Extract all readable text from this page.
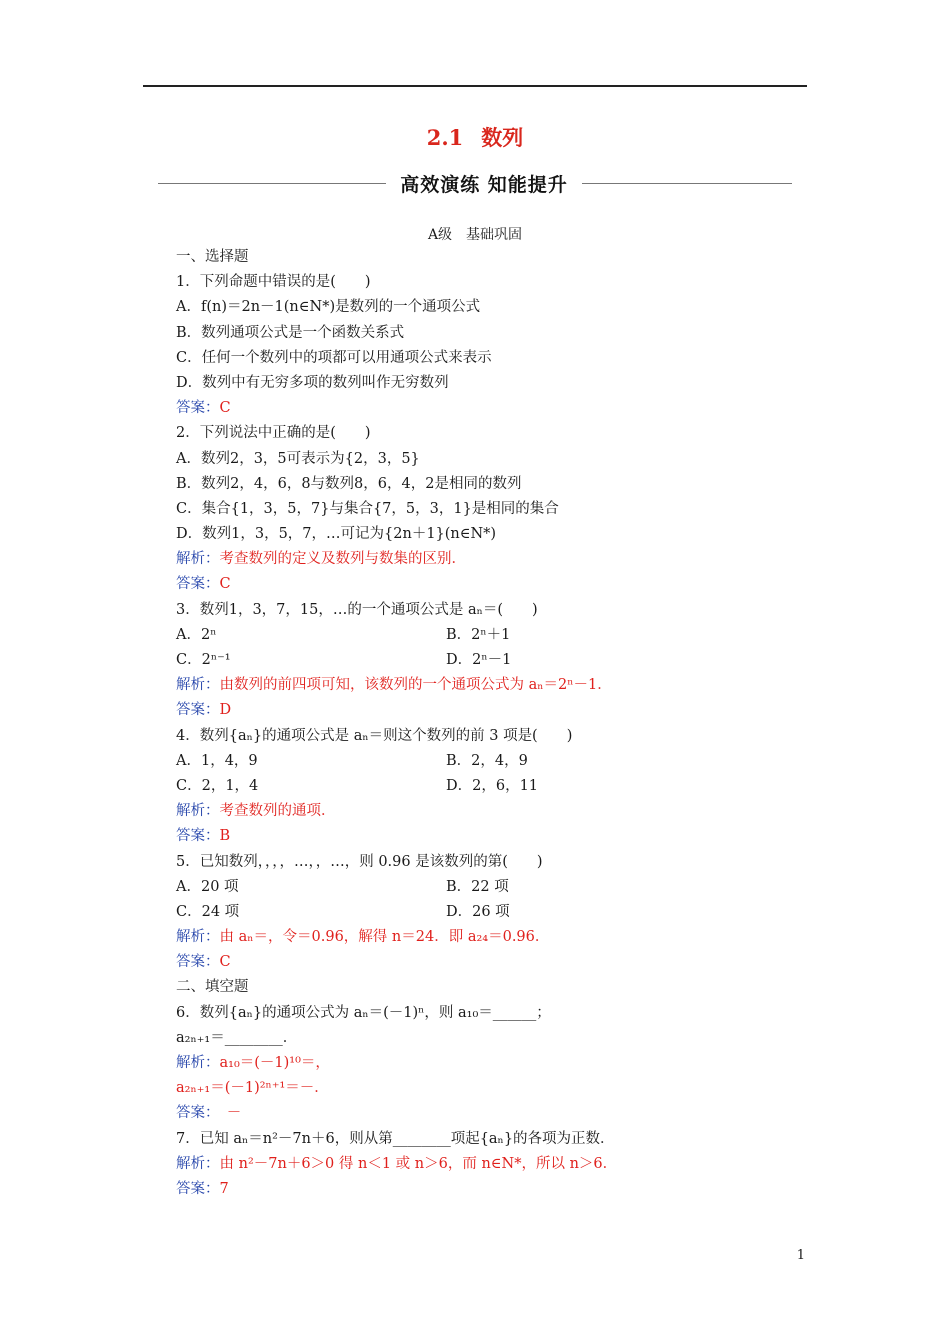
2.1 数列
高效演练 知能提升
A级　基础巩固
一、选择题
1．下列命题中错误的是(　　)
A．f(n)＝2n－1(n∈N*)是数列的一个通项公式
B．数列通项公式是一个函数关系式
C．任何一个数列中的项都可以用通项公式来表示
D．数列中有无穷多项的数列叫作无穷数列
答案：C
2．下列说法中正确的是(　　)
A．数列2，3，5可表示为{2，3，5}
B．数列2，4，6，8与数列8，6，4，2是相同的数列
C．集合{1，3，5，7}与集合{7，5，3，1}是相同的集合
D．数列1，3，5，7，…可记为{2n＋1}(n∈N*)
解析：考查数列的定义及数列与数集的区别．
答案：C
3．数列1，3，7，15，…的一个通项公式是 aₙ＝(　　)
A．2ⁿ	B．2ⁿ＋1
C．2ⁿ⁻¹	D．2ⁿ－1
解析：由数列的前四项可知，该数列的一个通项公式为 aₙ＝2ⁿ－1．
答案：D
4．数列{aₙ}的通项公式是 aₙ＝则这个数列的前 3 项是(　　)
A．1，4，9	B．2，4，9
C．2，1，4	D．2，6，11
解析：考查数列的通项．
答案：B
5．已知数列，，，，…，，…，则 0.96 是该数列的第(　　)
A．20 项	B．22 项
C．24 项	D．26 项
解析：由 aₙ＝，令＝0.96，解得 n＝24．即 a₂₄＝0.96．
答案：C
二、填空题
6．数列{aₙ}的通项公式为 aₙ＝(－1)ⁿ，则 a₁₀＝______；
a₂ₙ₊₁＝________．
解析：a₁₀＝(－1)¹⁰＝，
a₂ₙ₊₁＝(－1)²ⁿ⁺¹＝－．
答案：　－
7．已知 aₙ＝n²－7n＋6，则从第________项起{aₙ}的各项为正数．
解析：由 n²－7n＋6＞0 得 n＜1 或 n＞6，而 n∈N*，所以 n＞6．
答案：7
1
